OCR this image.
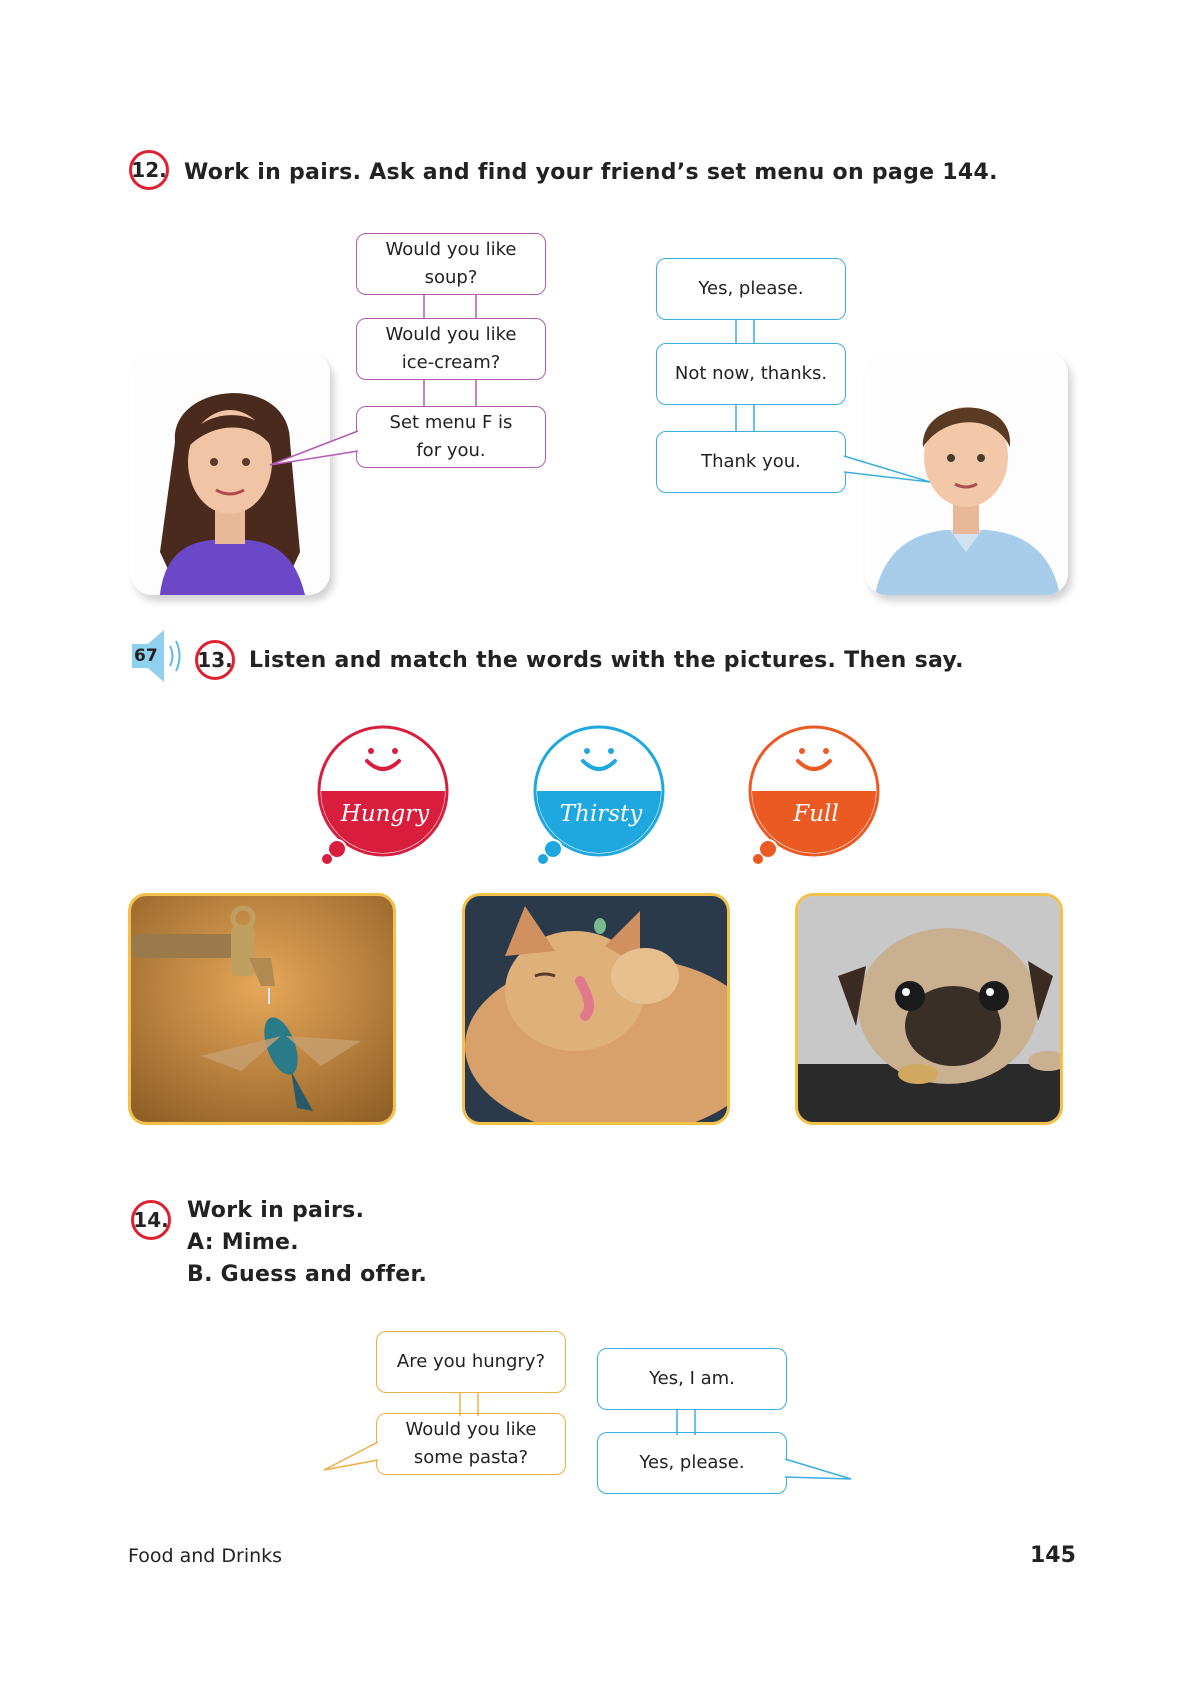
12. Work in pairs. Ask and find your friend’s set menu on page 144.
Would you like
soup?
Would you like
ice-cream?
Set menu F is
for you.
Yes, please.
Not now, thanks.
Thank you.
67 13. Listen and match the words with the pictures. Then say.
Hungry	Thirsty	Full
14. Work in pairs.
A: Mime.
B. Guess and offer.
Are you hungry?
Would you like
some pasta?
Yes, I am.
Yes, please.
Food and Drinks	145
